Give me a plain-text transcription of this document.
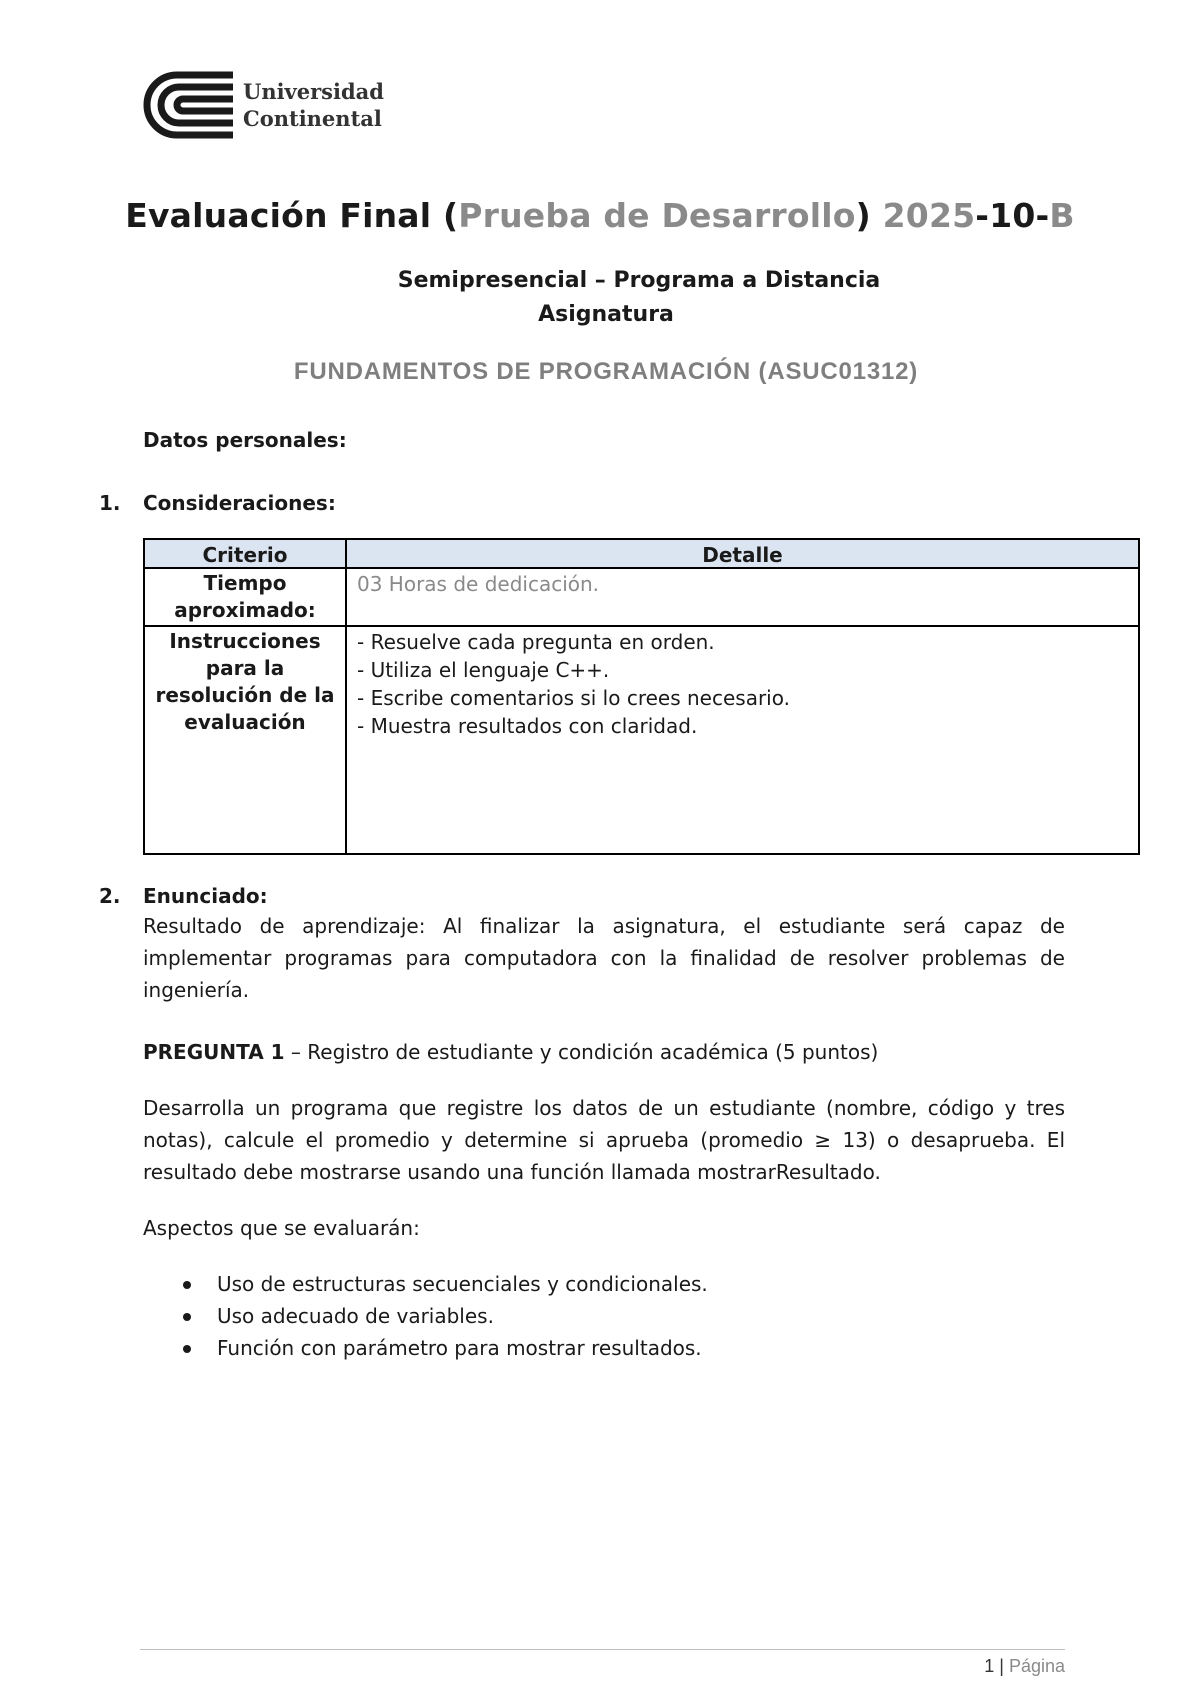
Universidad
Continental
Evaluación Final (Prueba de Desarrollo) 2025-10-B
Semipresencial – Programa a Distancia
Asignatura
FUNDAMENTOS DE PROGRAMACIÓN (ASUC01312)
Datos personales:
1. Consideraciones:
Criterio	Detalle
Tiempo aproximado:	03 Horas de dedicación.
Instrucciones para la resolución de la evaluación	- Resuelve cada pregunta en orden.
- Utiliza el lenguaje C++.
- Escribe comentarios si lo crees necesario.
- Muestra resultados con claridad.
2. Enunciado:
Resultado de aprendizaje: Al finalizar la asignatura, el estudiante será capaz de implementar programas para computadora con la finalidad de resolver problemas de ingeniería.
PREGUNTA 1 – Registro de estudiante y condición académica (5 puntos)
Desarrolla un programa que registre los datos de un estudiante (nombre, código y tres notas), calcule el promedio y determine si aprueba (promedio ≥ 13) o desaprueba. El resultado debe mostrarse usando una función llamada mostrarResultado.
Aspectos que se evaluarán:
Uso de estructuras secuenciales y condicionales.
Uso adecuado de variables.
Función con parámetro para mostrar resultados.
1 | Página
